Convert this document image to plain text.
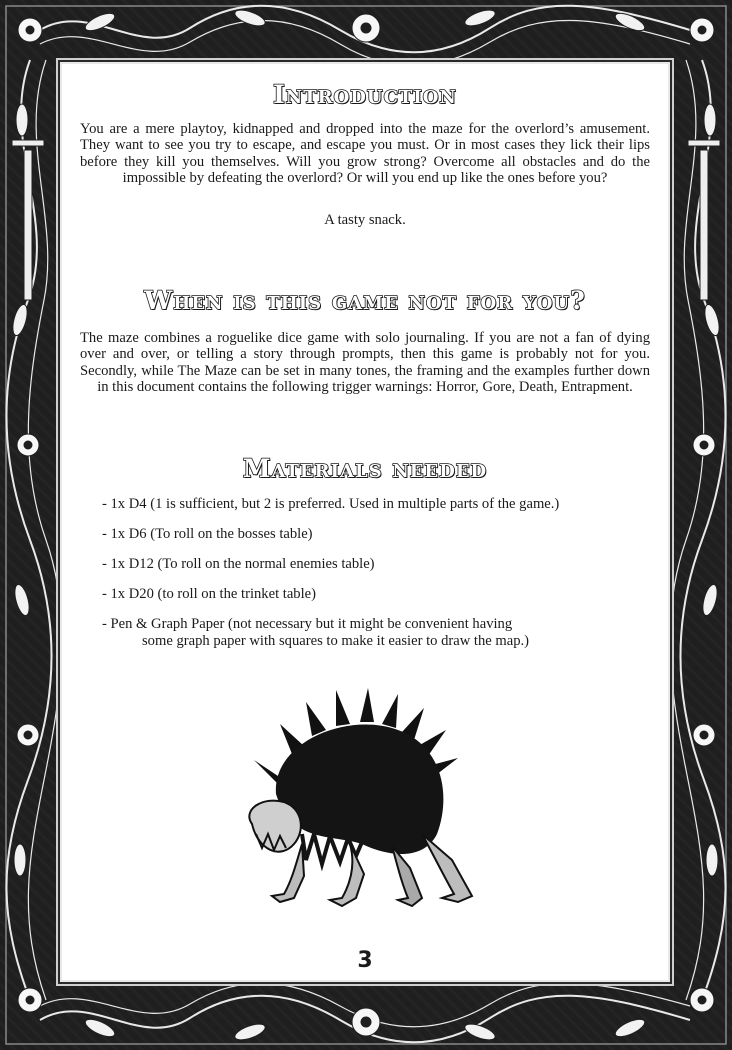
Introduction

You are a mere playtoy, kidnapped and dropped into the maze for the overlord’s amusement. They want to see you try to escape, and escape you must. Or in most cases they lick their lips before they kill you themselves. Will you grow strong? Overcome all obstacles and do the impossible by defeating the overlord? Or will you end up like the ones before you?

A tasty snack.

When is this game not for you?

The maze combines a roguelike dice game with solo journaling. If you are not a fan of dying over and over, or telling a story through prompts, then this game is probably not for you. Secondly, while The Maze can be set in many tones, the framing and the examples further down in this document contains the following trigger warnings: Horror, Gore, Death, Entrapment.

Materials needed
- 1x D4 (1 is sufficient, but 2 is preferred. Used in multiple parts of the game.)
- 1x D6 (To roll on the bosses table)
- 1x D12 (To roll on the normal enemies table)
- 1x D20 (to roll on the trinket table)
- Pen & Graph Paper (not necessary but it might be convenient having
some graph paper with squares to make it easier to draw the map.)
3
